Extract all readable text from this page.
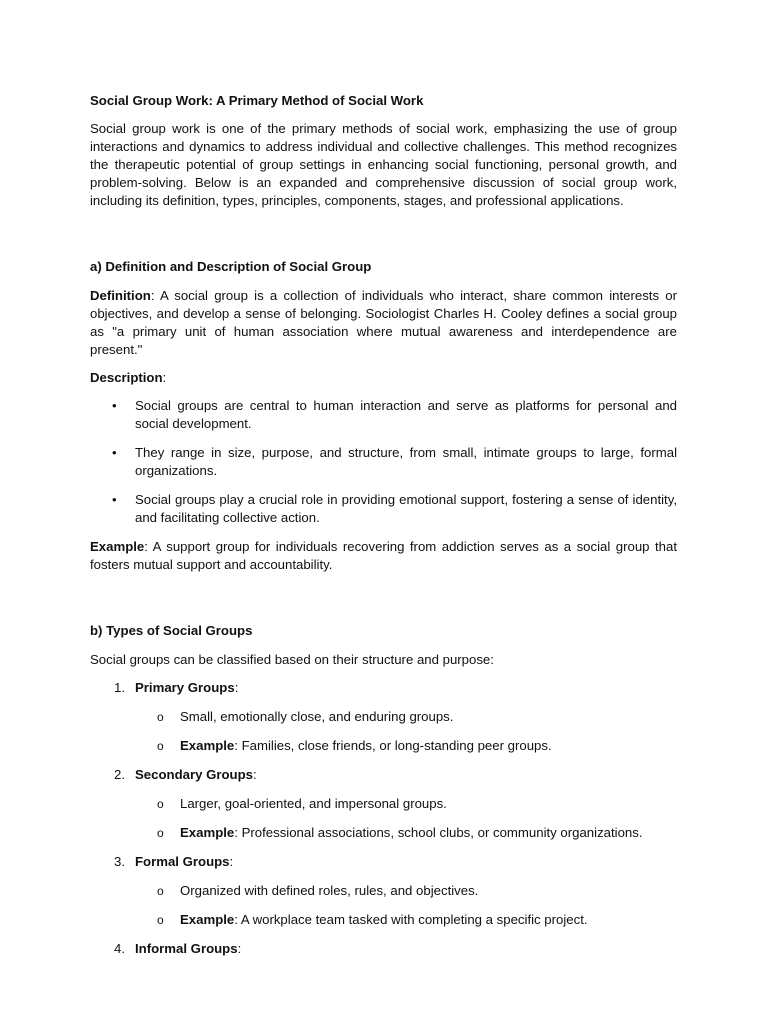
Social Group Work: A Primary Method of Social Work

Social group work is one of the primary methods of social work, emphasizing the use of group interactions and dynamics to address individual and collective challenges. This method recognizes the therapeutic potential of group settings in enhancing social functioning, personal growth, and problem-solving. Below is an expanded and comprehensive discussion of social group work, including its definition, types, principles, components, stages, and professional applications.

a) Definition and Description of Social Group

Definition: A social group is a collection of individuals who interact, share common interests or objectives, and develop a sense of belonging. Sociologist Charles H. Cooley defines a social group as "a primary unit of human association where mutual awareness and interdependence are present."

Description:

• Social groups are central to human interaction and serve as platforms for personal and social development.
• They range in size, purpose, and structure, from small, intimate groups to large, formal organizations.
• Social groups play a crucial role in providing emotional support, fostering a sense of identity, and facilitating collective action.

Example: A support group for individuals recovering from addiction serves as a social group that fosters mutual support and accountability.

b) Types of Social Groups

Social groups can be classified based on their structure and purpose:

1. Primary Groups:
o Small, emotionally close, and enduring groups.
o Example: Families, close friends, or long-standing peer groups.
2. Secondary Groups:
o Larger, goal-oriented, and impersonal groups.
o Example: Professional associations, school clubs, or community organizations.
3. Formal Groups:
o Organized with defined roles, rules, and objectives.
o Example: A workplace team tasked with completing a specific project.
4. Informal Groups:
